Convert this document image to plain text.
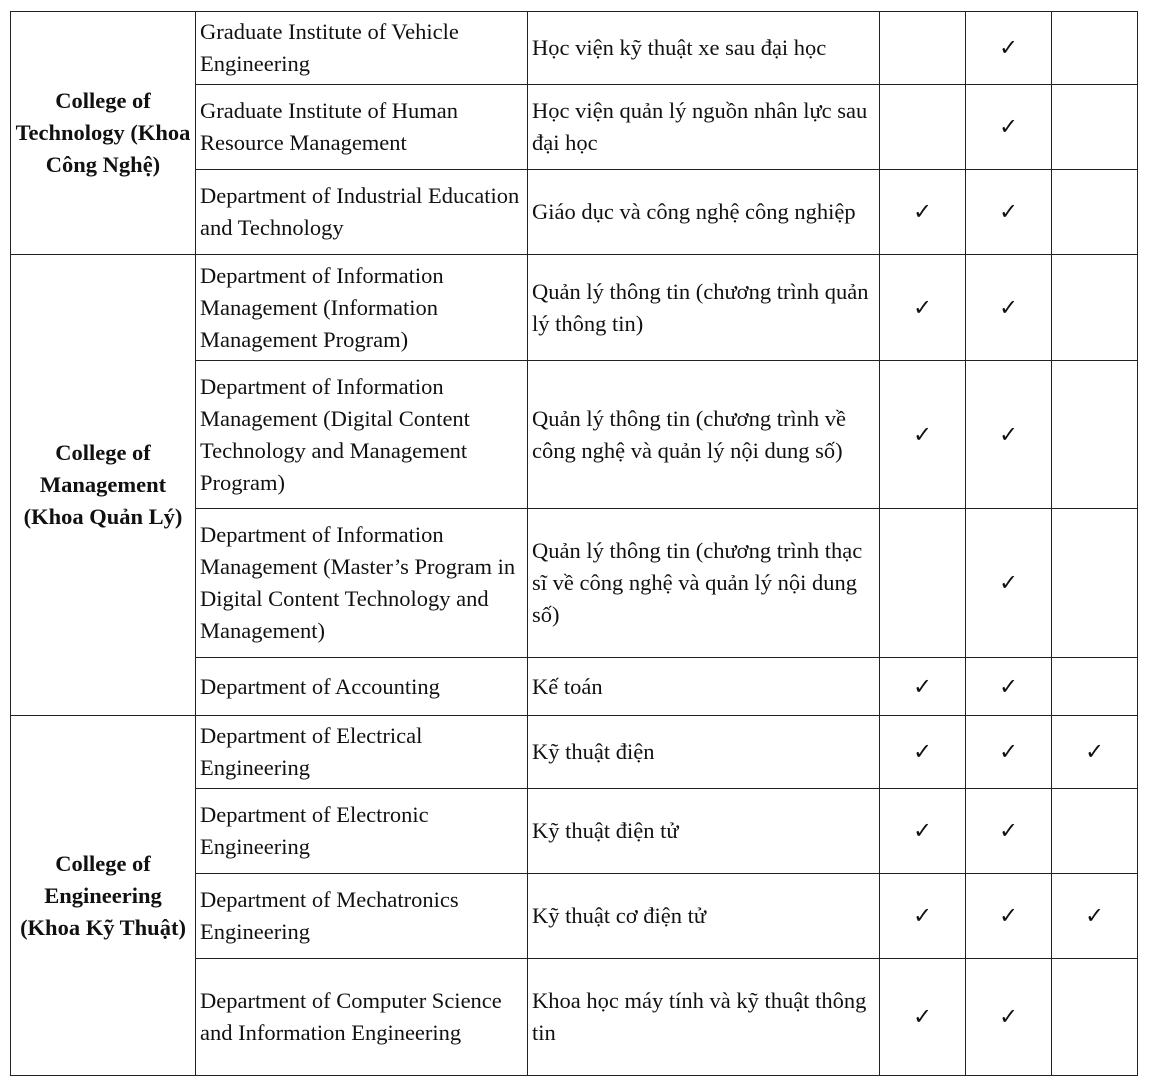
College of Technology (Khoa Công Nghệ)	Graduate Institute of Vehicle Engineering	Học viện kỹ thuật xe sau đại học		✓	
	Graduate Institute of Human Resource Management	Học viện quản lý nguồn nhân lực sau đại học		✓	
	Department of Industrial Education and Technology	Giáo dục và công nghệ công nghiệp	✓	✓	
College of Management (Khoa Quản Lý)	Department of Information Management (Information Management Program)	Quản lý thông tin (chương trình quản lý thông tin)	✓	✓	
	Department of Information Management (Digital Content Technology and Management Program)	Quản lý thông tin (chương trình về công nghệ và quản lý nội dung số)	✓	✓	
	Department of Information Management (Master’s Program in Digital Content Technology and Management)	Quản lý thông tin (chương trình thạc sĩ về công nghệ và quản lý nội dung số)		✓	
	Department of Accounting	Kế toán	✓	✓	
College of Engineering (Khoa Kỹ Thuật)	Department of Electrical Engineering	Kỹ thuật điện	✓	✓	✓
	Department of Electronic Engineering	Kỹ thuật điện tử	✓	✓	
	Department of Mechatronics Engineering	Kỹ thuật cơ điện tử	✓	✓	✓
	Department of Computer Science and Information Engineering	Khoa học máy tính và kỹ thuật thông tin	✓	✓	
